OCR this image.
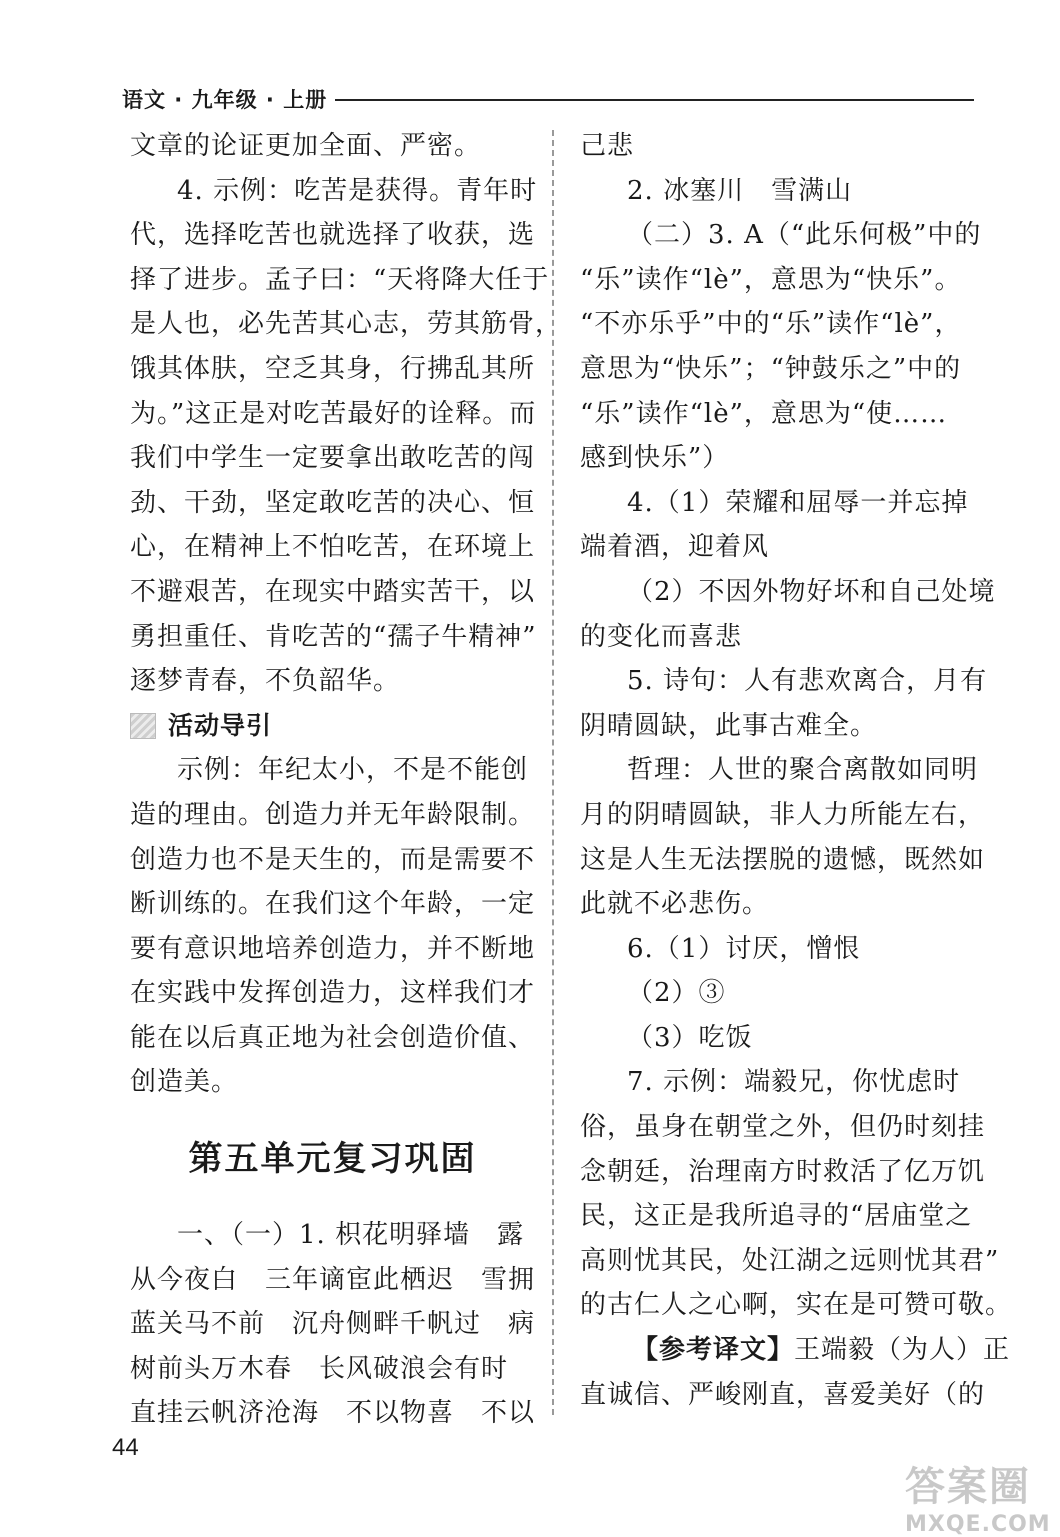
语文 · 九年级 · 上册
文章的论证更加全面、严密。
4. 示例：吃苦是获得。青年时
代，选择吃苦也就选择了收获，选
择了进步。孟子曰：“天将降大任于
是人也，必先苦其心志，劳其筋骨，
饿其体肤，空乏其身，行拂乱其所
为。”这正是对吃苦最好的诠释。而
我们中学生一定要拿出敢吃苦的闯
劲、干劲，坚定敢吃苦的决心、恒
心，在精神上不怕吃苦，在环境上
不避艰苦，在现实中踏实苦干，以
勇担重任、肯吃苦的“孺子牛精神”
逐梦青春，不负韶华。
活动导引
示例：年纪太小，不是不能创
造的理由。创造力并无年龄限制。
创造力也不是天生的，而是需要不
断训练的。在我们这个年龄，一定
要有意识地培养创造力，并不断地
在实践中发挥创造力，这样我们才
能在以后真正地为社会创造价值、
创造美。
第五单元复习巩固
一、（一）1. 枳花明驿墙　露
从今夜白　三年谪宦此栖迟　雪拥
蓝关马不前　沉舟侧畔千帆过　病
树前头万木春　长风破浪会有时
直挂云帆济沧海　不以物喜　不以
己悲
2. 冰塞川　雪满山
（二）3. A（“此乐何极”中的
“乐”读作“lè”，意思为“快乐”。
“不亦乐乎”中的“乐”读作“lè”，
意思为“快乐”；“钟鼓乐之”中的
“乐”读作“lè”，意思为“使……
感到快乐”）
4.（1）荣耀和屈辱一并忘掉
端着酒，迎着风
（2）不因外物好坏和自己处境
的变化而喜悲
5. 诗句：人有悲欢离合，月有
阴晴圆缺，此事古难全。
哲理：人世的聚合离散如同明
月的阴晴圆缺，非人力所能左右，
这是人生无法摆脱的遗憾，既然如
此就不必悲伤。
6.（1）讨厌，憎恨
（2）③
（3）吃饭
7. 示例：端毅兄，你忧虑时
俗，虽身在朝堂之外，但仍时刻挂
念朝廷，治理南方时救活了亿万饥
民，这正是我所追寻的“居庙堂之
高则忧其民，处江湖之远则忧其君”
的古仁人之心啊，实在是可赞可敬。
【参考译文】王端毅（为人）正
直诚信、严峻刚直，喜爱美好（的
44
答案圈
MXQE.COM
